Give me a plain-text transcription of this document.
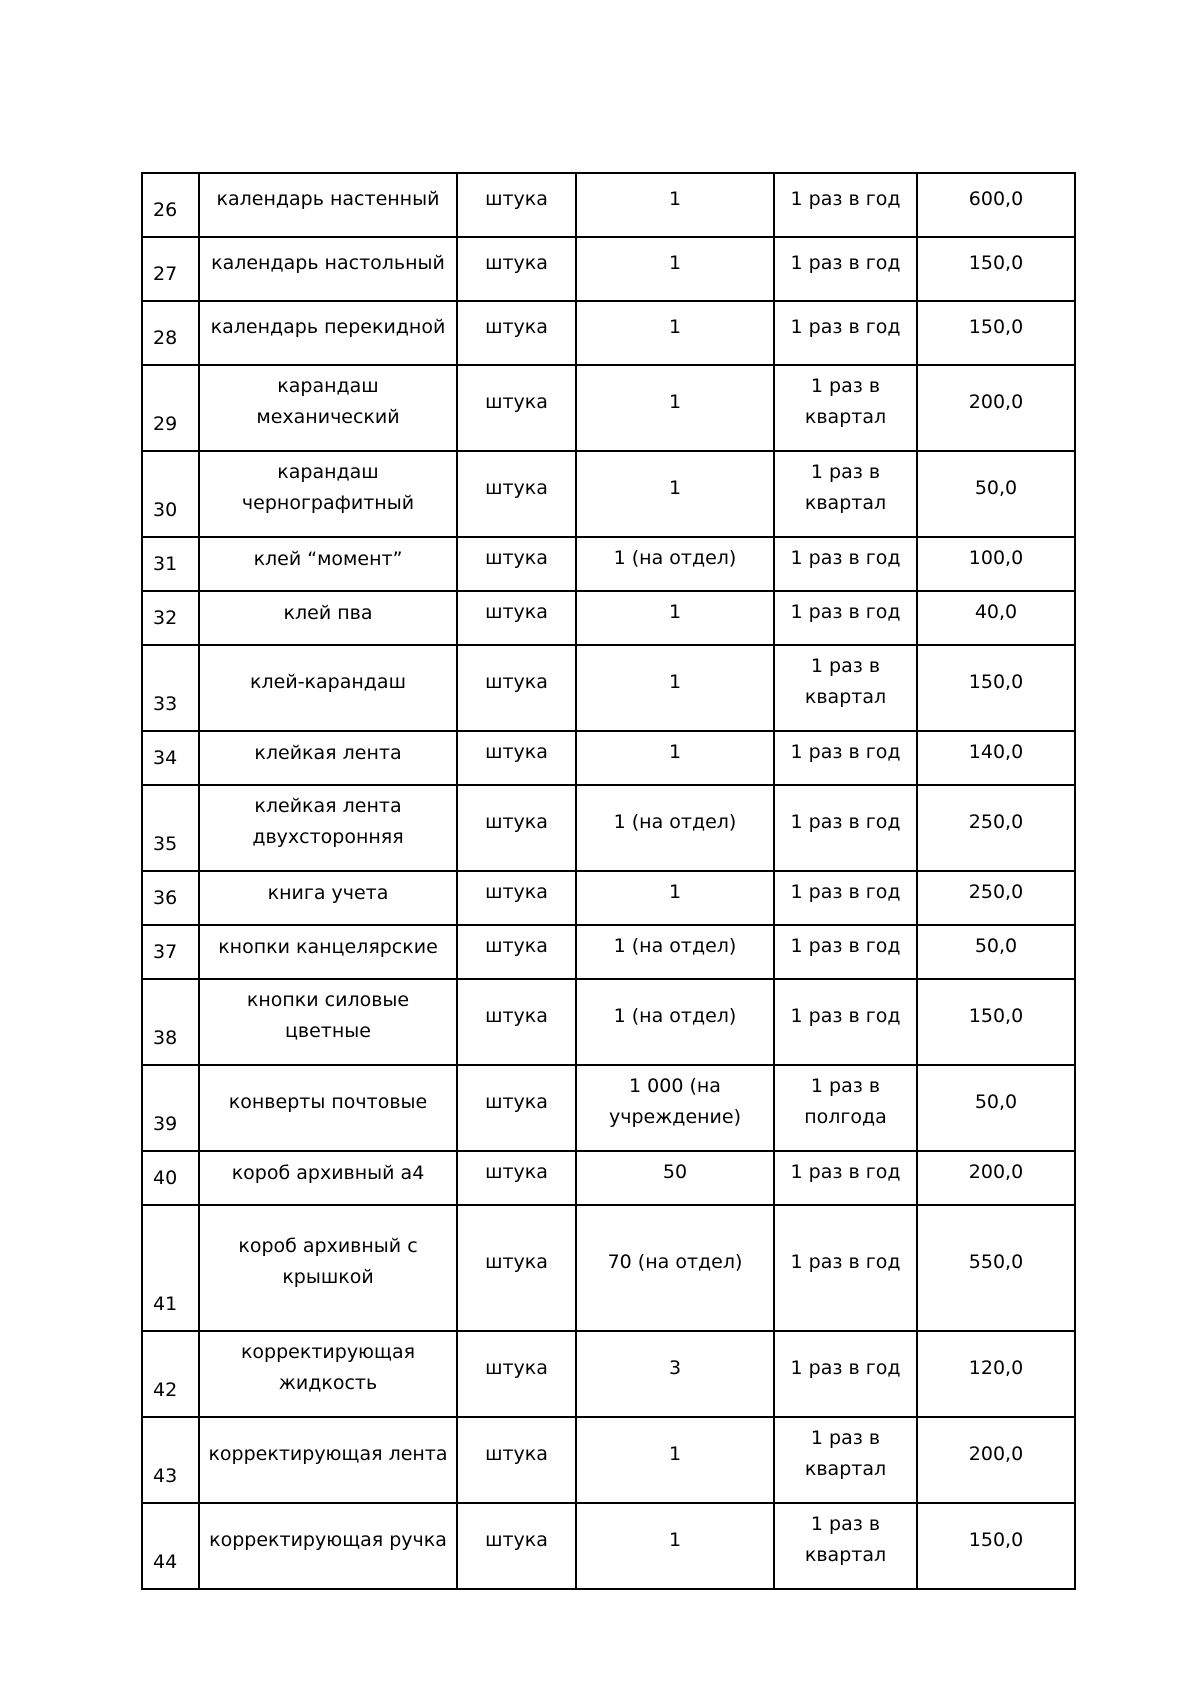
26	календарь настенный	штука	1	1 раз в год	600,0
27	календарь настольный	штука	1	1 раз в год	150,0
28	календарь перекидной	штука	1	1 раз в год	150,0
29	карандаш механический	штука	1	1 раз в квартал	200,0
30	карандаш чернографитный	штука	1	1 раз в квартал	50,0
31	клей “момент”	штука	1 (на отдел)	1 раз в год	100,0
32	клей пва	штука	1	1 раз в год	40,0
33	клей-карандаш	штука	1	1 раз в квартал	150,0
34	клейкая лента	штука	1	1 раз в год	140,0
35	клейкая лента двухсторонняя	штука	1 (на отдел)	1 раз в год	250,0
36	книга учета	штука	1	1 раз в год	250,0
37	кнопки канцелярские	штука	1 (на отдел)	1 раз в год	50,0
38	кнопки силовые цветные	штука	1 (на отдел)	1 раз в год	150,0
39	конверты почтовые	штука	1 000 (на учреждение)	1 раз в полгода	50,0
40	короб архивный а4	штука	50	1 раз в год	200,0
41	короб архивный с крышкой	штука	70 (на отдел)	1 раз в год	550,0
42	корректирующая жидкость	штука	3	1 раз в год	120,0
43	корректирующая лента	штука	1	1 раз в квартал	200,0
44	корректирующая ручка	штука	1	1 раз в квартал	150,0
